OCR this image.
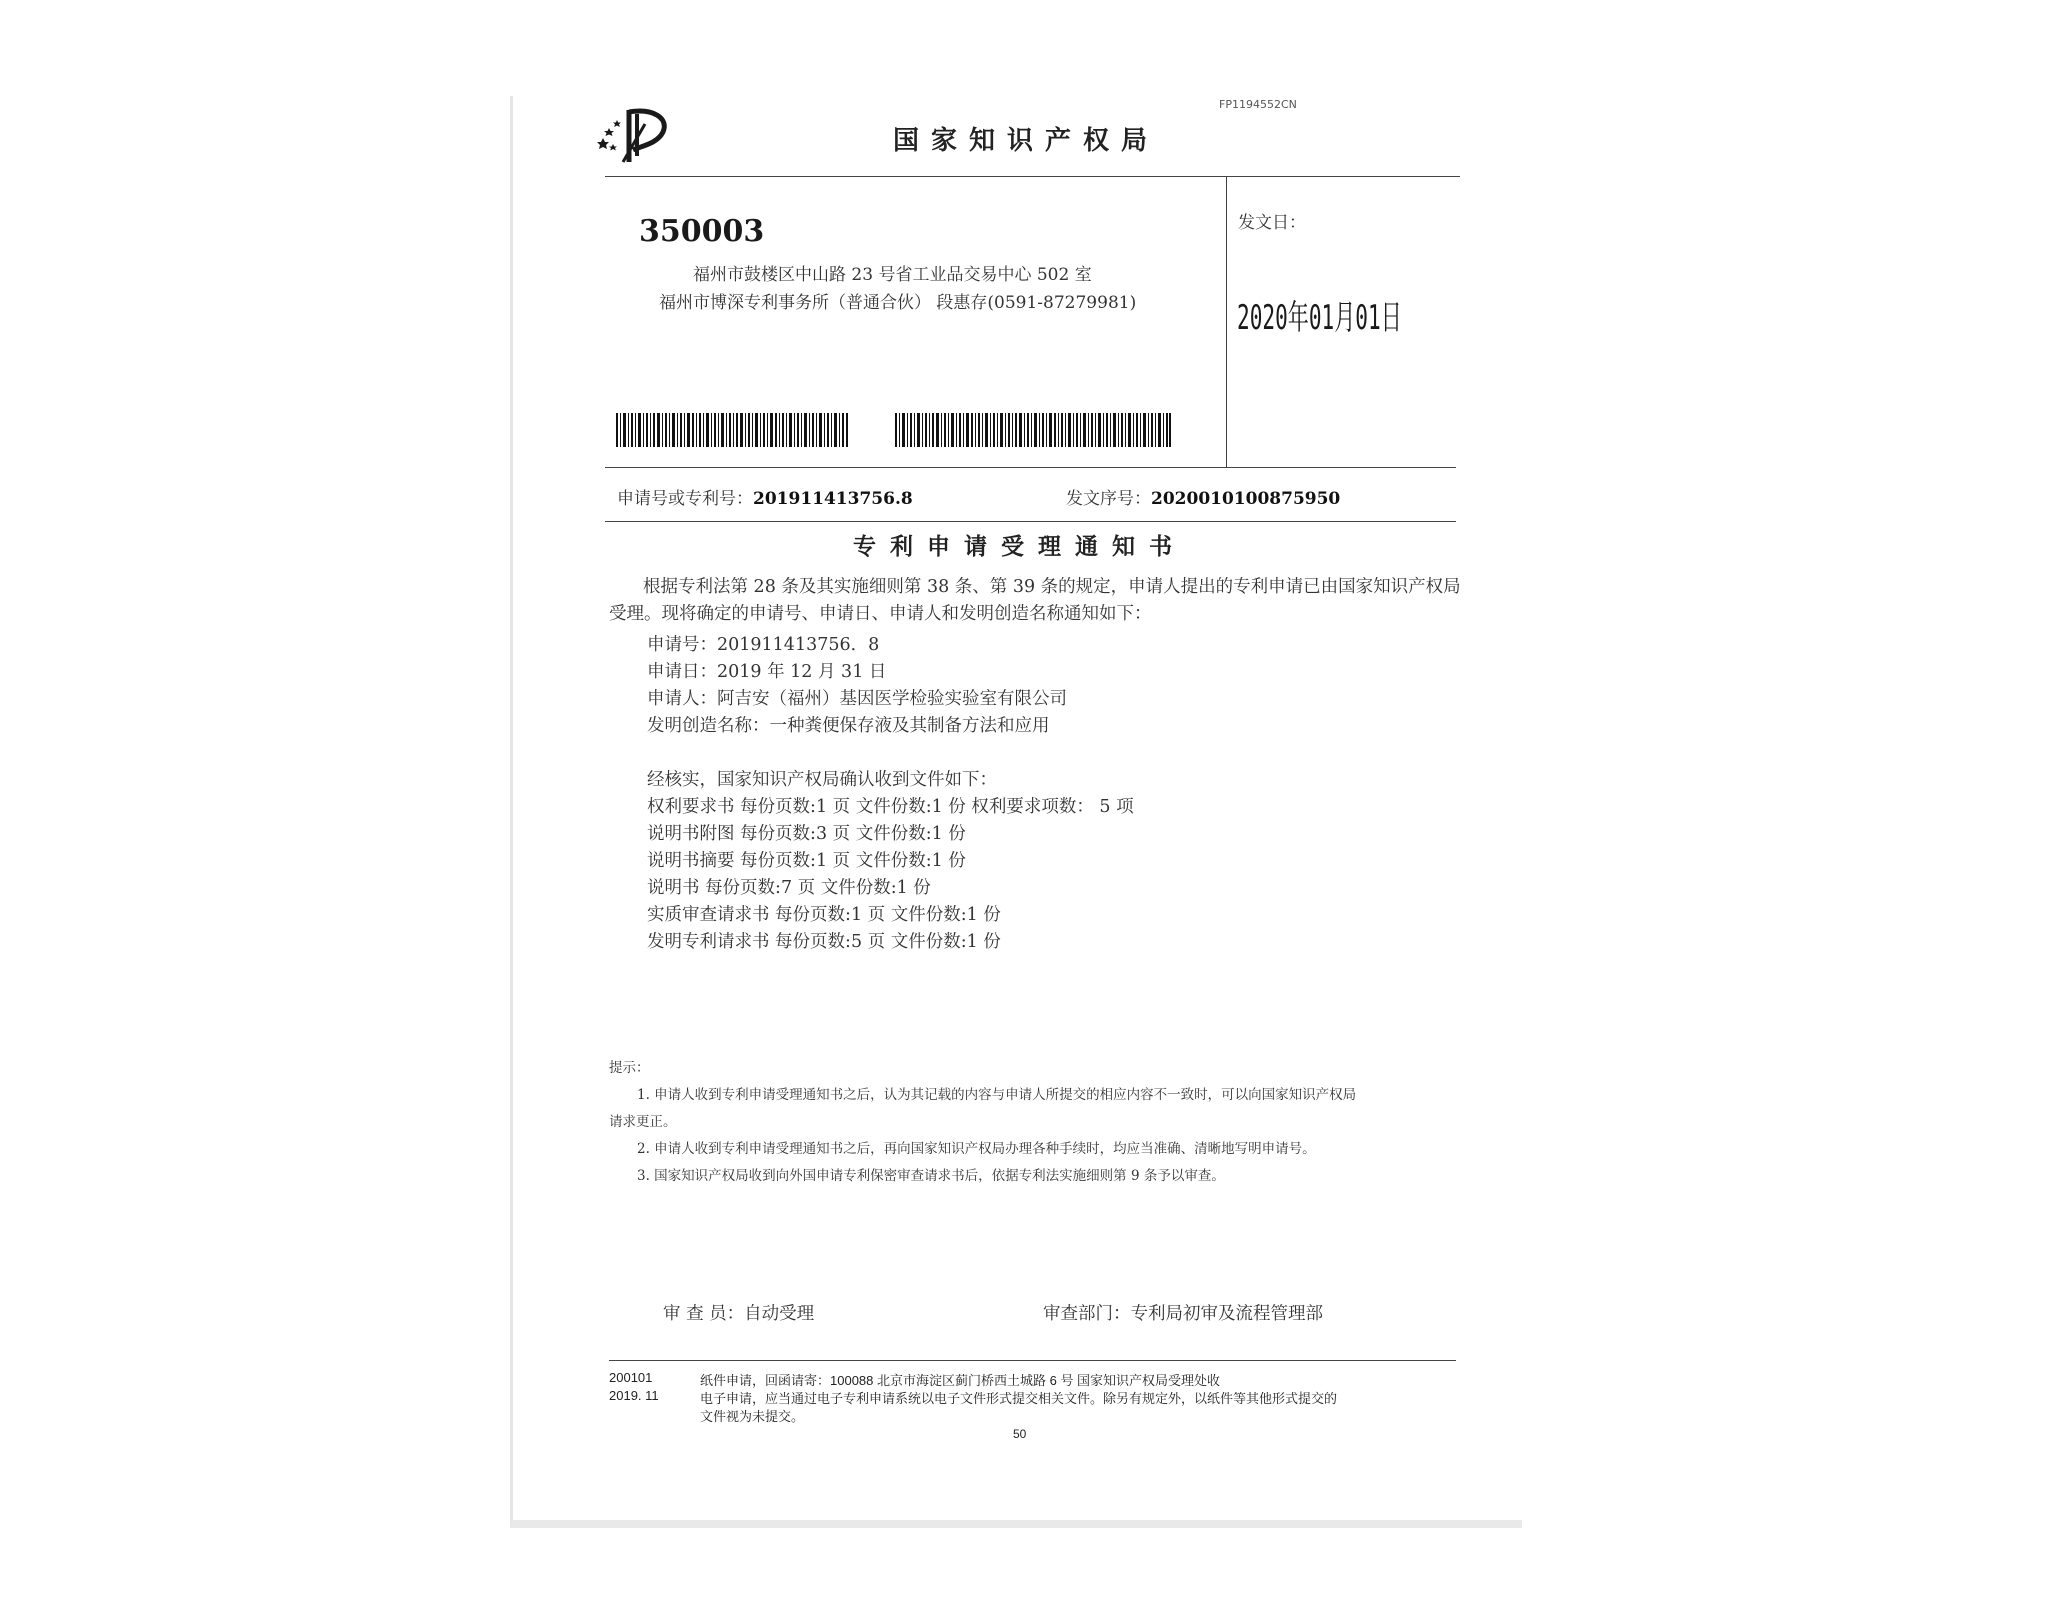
FP1194552CN
国家知识产权局
350003
福州市鼓楼区中山路 23 号省工业品交易中心 502 室
福州市博深专利事务所（普通合伙） 段惠存(0591-87279981)
发文日：
2020年01月01日
申请号或专利号：201911413756.8	发文序号：2020010100875950
专利申请受理通知书
根据专利法第 28 条及其实施细则第 38 条、第 39 条的规定，申请人提出的专利申请已由国家知识产权局受理。现将确定的申请号、申请日、申请人和发明创造名称通知如下：
申请号：201911413756．8
申请日：2019 年 12 月 31 日
申请人：阿吉安（福州）基因医学检验实验室有限公司
发明创造名称：一种粪便保存液及其制备方法和应用
经核实，国家知识产权局确认收到文件如下：
权利要求书 每份页数:1 页 文件份数:1 份 权利要求项数： 5 项
说明书附图 每份页数:3 页 文件份数:1 份
说明书摘要 每份页数:1 页 文件份数:1 份
说明书 每份页数:7 页 文件份数:1 份
实质审查请求书 每份页数:1 页 文件份数:1 份
发明专利请求书 每份页数:5 页 文件份数:1 份
提示：
1. 申请人收到专利申请受理通知书之后，认为其记载的内容与申请人所提交的相应内容不一致时，可以向国家知识产权局
请求更正。
2. 申请人收到专利申请受理通知书之后，再向国家知识产权局办理各种手续时，均应当准确、清晰地写明申请号。
3. 国家知识产权局收到向外国申请专利保密审查请求书后，依据专利法实施细则第 9 条予以审查。
审 查 员：自动受理	审查部门：专利局初审及流程管理部
200101
2019. 11
纸件申请，回函请寄：100088 北京市海淀区蓟门桥西土城路 6 号 国家知识产权局受理处收
电子申请，应当通过电子专利申请系统以电子文件形式提交相关文件。除另有规定外，以纸件等其他形式提交的
文件视为未提交。
50
